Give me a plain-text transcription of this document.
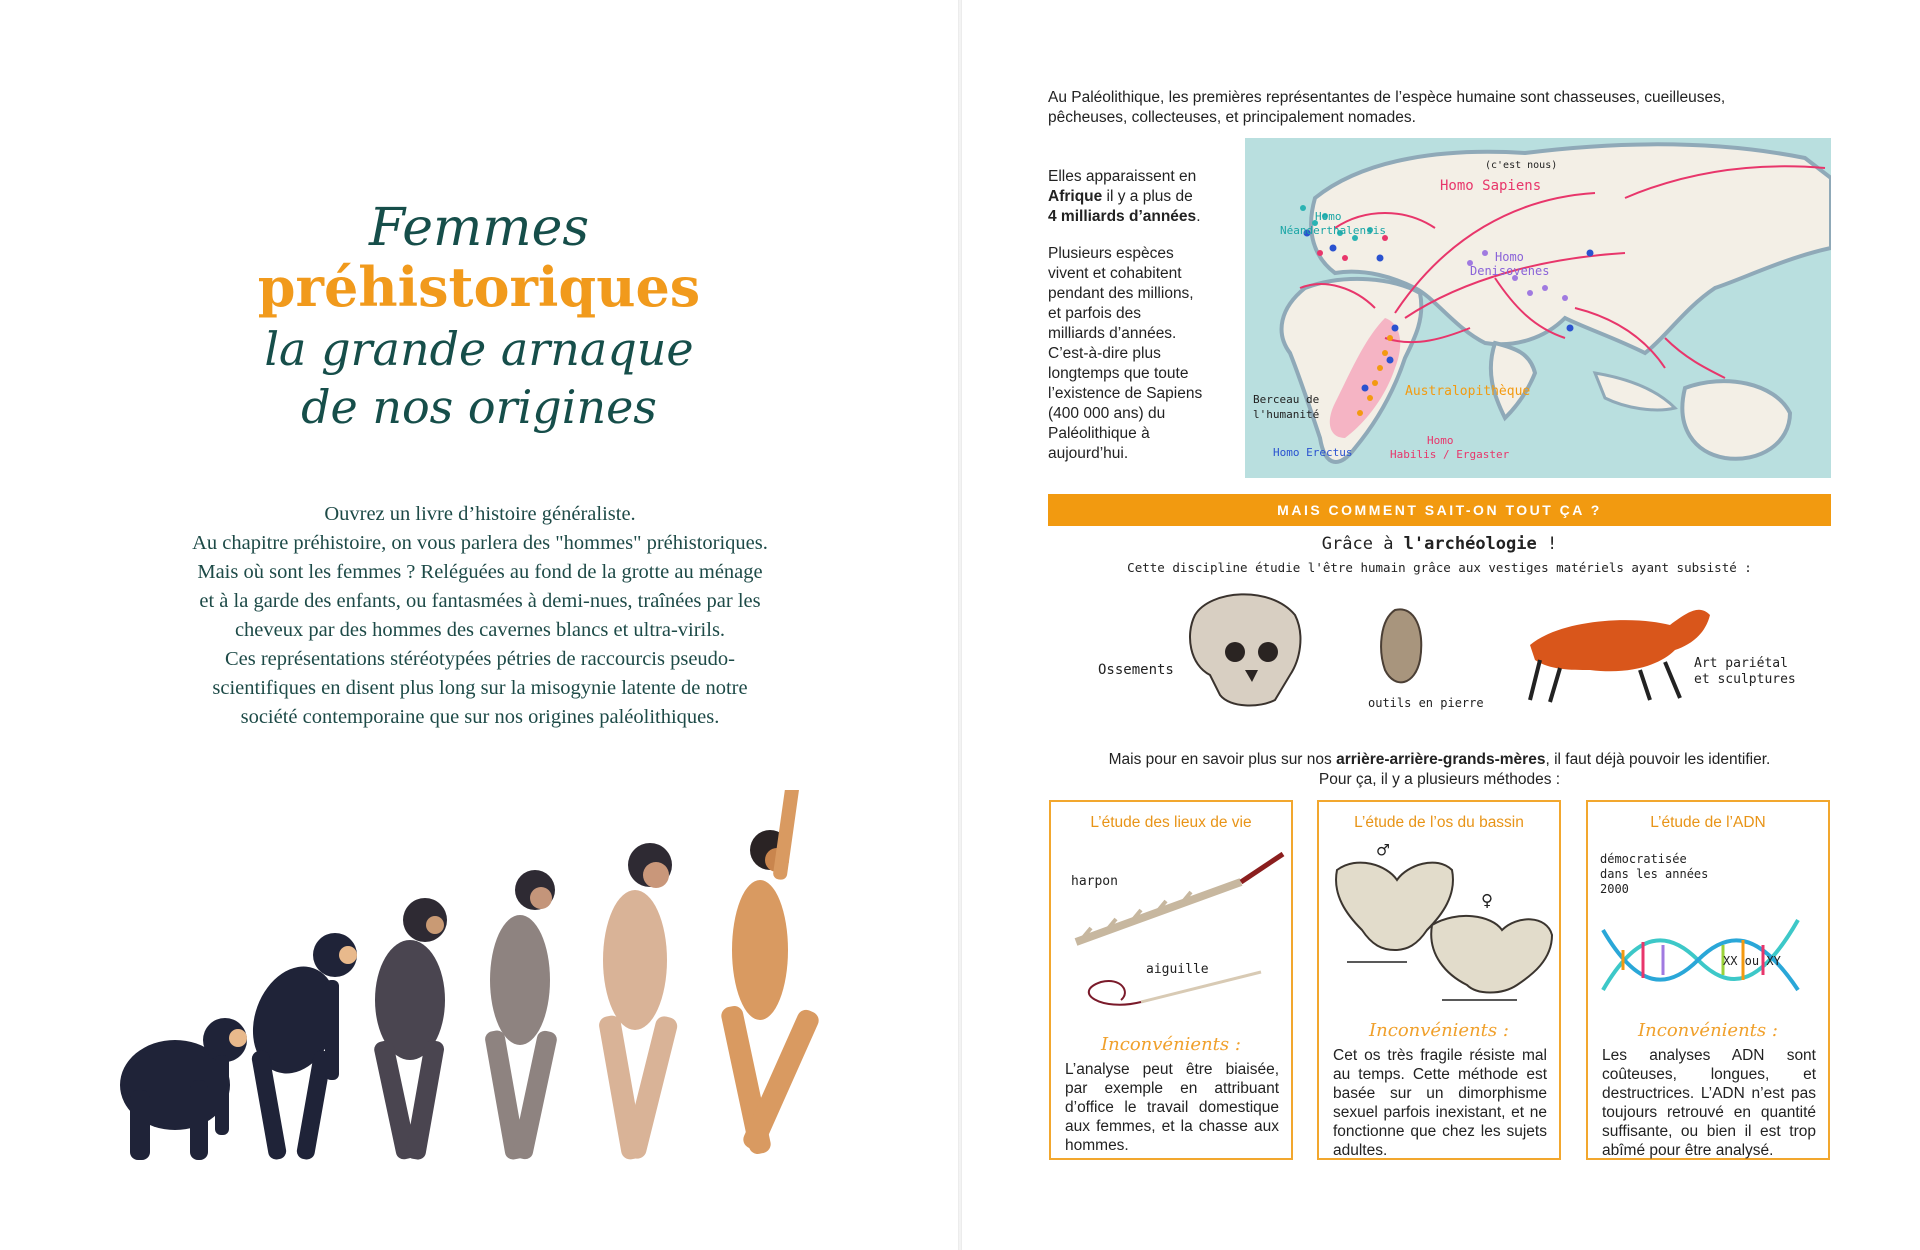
Femmes
préhistoriques
la grande arnaque
de nos origines

Ouvrez un livre d’histoire généraliste.

Au chapitre préhistoire, on vous parlera des "hommes" préhistoriques.

Mais où sont les femmes ? Reléguées au fond de la grotte au ménage

et à la garde des enfants, ou fantasmées à demi-nues, traînées par les

cheveux par des hommes des cavernes blancs et ultra-virils.

Ces représentations stéréotypées pétries de raccourcis pseudo-

scientifiques en disent plus long sur la misogynie latente de notre

société contemporaine que sur nos origines paléolithiques.

Au Paléolithique, les premières représentantes de l’espèce humaine sont chasseuses, cueilleuses,
pêcheuses, collecteuses, et principalement nomades.
Elles apparaissent en
Afrique il y a plus de
4 milliards d’années.
Plusieurs espèces
vivent et cohabitent
pendant des millions,
et parfois des
milliards d’années.
C’est-à-dire plus
longtemps que toute
l’existence de Sapiens
(400 000 ans) du
Paléolithique à
aujourd’hui.
Homo Sapiens
(c'est nous)
Homo
Néanderthalensis
Homo
Denisovenes
Australopithèque
Berceau de
l'humanité
Homo Erectus
Homo
Habilis / Ergaster
MAIS COMMENT SAIT-ON TOUT ÇA ?
Grâce à l'archéologie !
Cette discipline étudie l'être humain grâce aux vestiges matériels ayant subsisté :
Ossements
outils en pierre
Art pariétal
et sculptures
Mais pour en savoir plus sur nos arrière-arrière-grands-mères, il faut déjà pouvoir les identifier.
Pour ça, il y a plusieurs méthodes :
L’étude des lieux de vie
harpon
aiguille
Inconvénients :
L’analyse peut être biaisée, par exemple en attribuant d’office le travail domestique aux femmes, et la chasse aux hommes.
L’étude de l’os du bassin
♂
♀
Inconvénients :
Cet os très fragile résiste mal au temps. Cette méthode est basée sur un dimorphisme sexuel parfois inexistant, et ne fonctionne que chez les sujets adultes.
L’étude de l’ADN
démocratisée
dans les années
2000
XX ou XY
Inconvénients :
Les analyses ADN sont coûteuses, longues, et destructrices. L’ADN n’est pas toujours retrouvé en quantité suffisante, ou bien il est trop abîmé pour être analysé.
